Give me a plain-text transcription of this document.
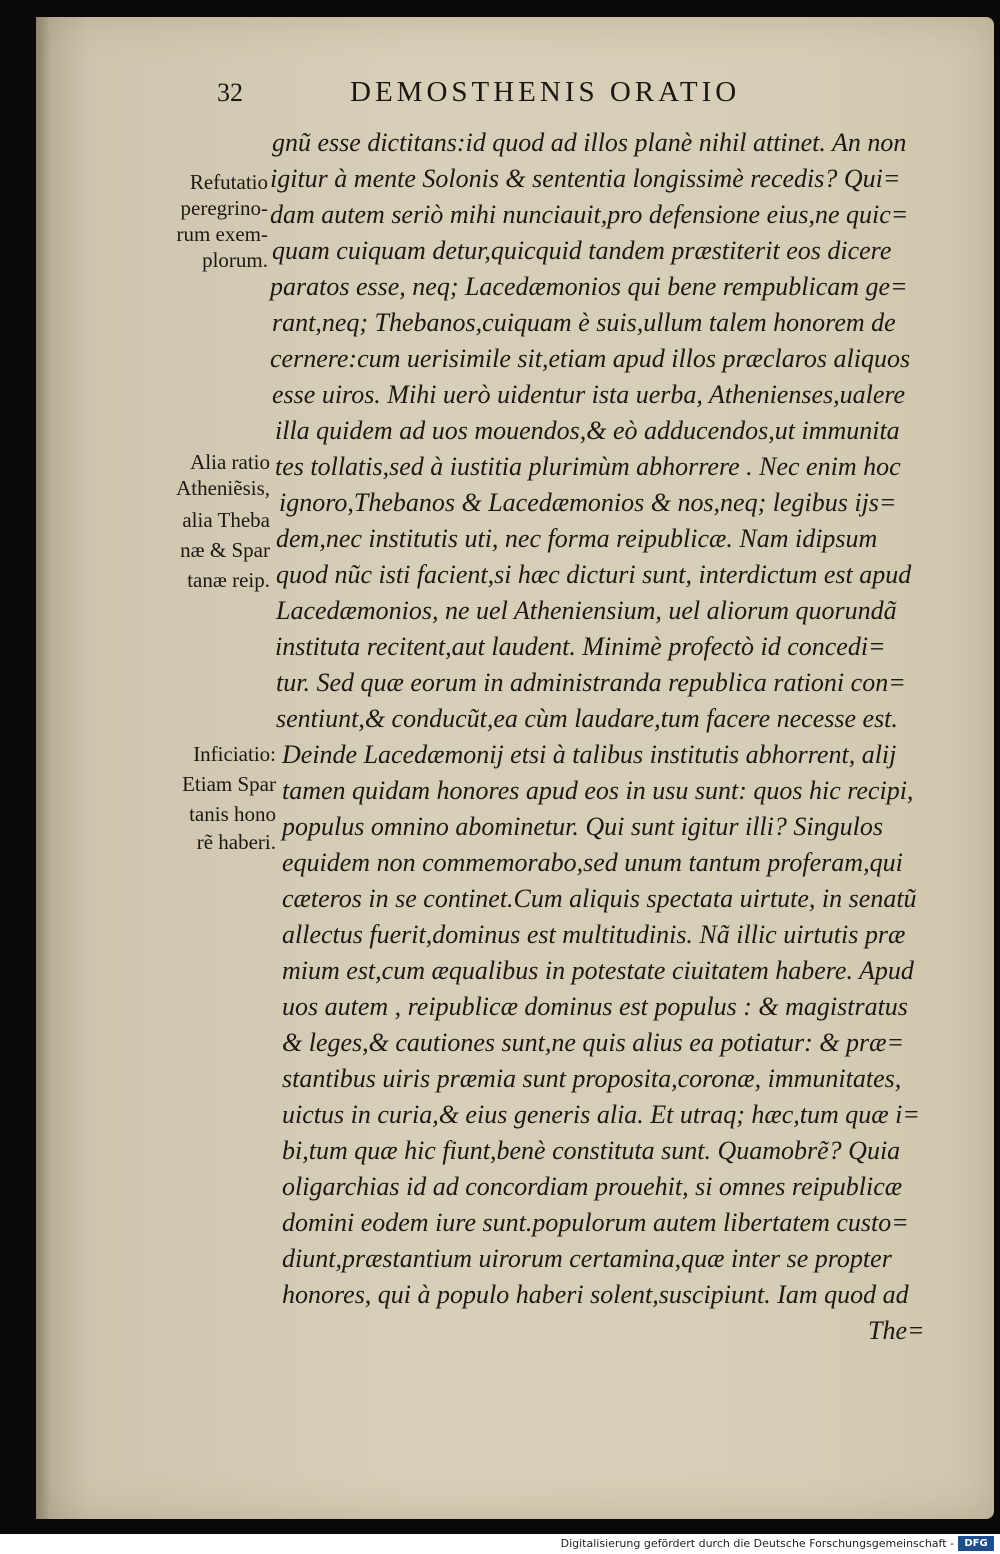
32	DEMOSTHENIS ORATIO

gnũ esse dictitans:id quod ad illos planè nihil attinet. An non

igitur à mente Solonis & sententia longissimè recedis? Qui=

dam autem seriò mihi nunciauit,pro defensione eius,ne quic=

quam cuiquam detur,quicquid tandem præstiterit eos dicere

paratos esse, neq; Lacedæmonios qui bene rempublicam ge=

rant,neq; Thebanos,cuiquam è suis,ullum talem honorem de

cernere:cum uerisimile sit,etiam apud illos præclaros aliquos

esse uiros. Mihi uerò uidentur ista uerba, Athenienses,ualere

illa quidem ad uos mouendos,& eò adducendos,ut immunita

tes tollatis,sed à iustitia plurimùm abhorrere . Nec enim hoc

ignoro,Thebanos & Lacedæmonios & nos,neq; legibus ijs=

dem,nec institutis uti, nec forma reipublicæ. Nam idipsum

quod nũc isti facient,si hæc dicturi sunt, interdictum est apud

Lacedæmonios, ne uel Atheniensium, uel aliorum quorundã

instituta recitent,aut laudent. Minimè profectò id concedi=

tur. Sed quæ eorum in administranda republica rationi con=

sentiunt,& conducũt,ea cùm laudare,tum facere necesse est.

Deinde Lacedæmonij etsi à talibus institutis abhorrent, alij

tamen quidam honores apud eos in usu sunt: quos hic recipi,

populus omnino abominetur. Qui sunt igitur illi? Singulos

equidem non commemorabo,sed unum tantum proferam,qui

cæteros in se continet.Cum aliquis spectata uirtute, in senatũ

allectus fuerit,dominus est multitudinis. Nã illic uirtutis præ

mium est,cum æqualibus in potestate ciuitatem habere. Apud

uos autem , reipublicæ dominus est populus : & magistratus

& leges,& cautiones sunt,ne quis alius ea potiatur: & præ=

stantibus uiris præmia sunt proposita,coronæ, immunitates,

uictus in curia,& eius generis alia. Et utraq; hæc,tum quæ i=

bi,tum quæ hic fiunt,benè constituta sunt. Quamobrẽ? Quia

oligarchias id ad concordiam prouehit, si omnes reipublicæ

domini eodem iure sunt.populorum autem libertatem custo=

diunt,præstantium uirorum certamina,quæ inter se propter

honores, qui à populo haberi solent,suscipiunt. Iam quod ad

The=

Refutatio

peregrino-

rum exem-

plorum.

Alia ratio

Atheniẽsis,

alia Theba

næ & Spar

tanæ reip.

Inficiatio:

Etiam Spar

tanis hono

rẽ haberi.

Digitalisierung gefördert durch die Deutsche Forschungsgemeinschaft -	DFG
